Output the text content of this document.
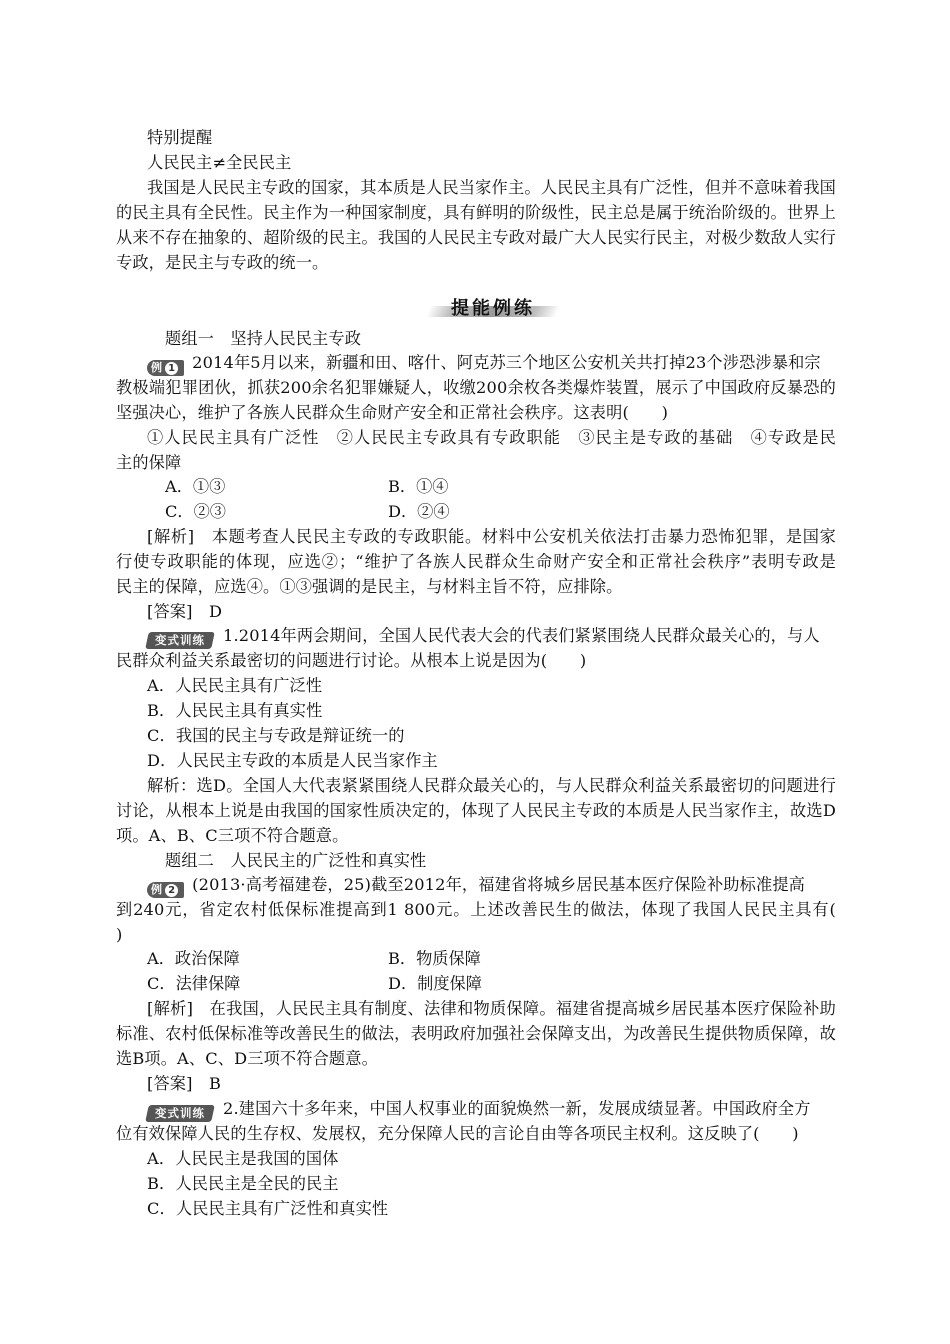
特别提醒
人民民主≠全民民主
我国是人民民主专政的国家，其本质是人民当家作主。人民民主具有广泛性，但并不意味着我国
的民主具有全民性。民主作为一种国家制度，具有鲜明的阶级性，民主总是属于统治阶级的。世界上
从来不存在抽象的、超阶级的民主。我国的人民民主专政对最广大人民实行民主，对极少数敌人实行
专政，是民主与专政的统一。
提能例练
题组一　坚持人民民主专政
例 1 2014年5月以来，新疆和田、喀什、阿克苏三个地区公安机关共打掉23个涉恐涉暴和宗
教极端犯罪团伙，抓获200余名犯罪嫌疑人，收缴200余枚各类爆炸装置，展示了中国政府反暴恐的
坚强决心，维护了各族人民群众生命财产安全和正常社会秩序。这表明(　　)
①人民民主具有广泛性　②人民民主专政具有专政职能　③民主是专政的基础　④专政是民
主的保障
A．①③	B．①④
C．②③	D．②④
[解析]　本题考查人民民主专政的专政职能。材料中公安机关依法打击暴力恐怖犯罪，是国家
行使专政职能的体现，应选②；“维护了各族人民群众生命财产安全和正常社会秩序”表明专政是
民主的保障，应选④。①③强调的是民主，与材料主旨不符，应排除。
[答案]　D
变式训练 1.2014年两会期间，全国人民代表大会的代表们紧紧围绕人民群众最关心的，与人
民群众利益关系最密切的问题进行讨论。从根本上说是因为(　　)
A．人民民主具有广泛性
B．人民民主具有真实性
C．我国的民主与专政是辩证统一的
D．人民民主专政的本质是人民当家作主
解析：选D。全国人大代表紧紧围绕人民群众最关心的，与人民群众利益关系最密切的问题进行
讨论，从根本上说是由我国的国家性质决定的，体现了人民民主专政的本质是人民当家作主，故选D
项。A、B、C三项不符合题意。
题组二　人民民主的广泛性和真实性
例 2 (2013·高考福建卷，25)截至2012年，福建省将城乡居民基本医疗保险补助标准提高
到240元，省定农村低保标准提高到1 800元。上述改善民生的做法，体现了我国人民民主具有(
)
A．政治保障	B．物质保障
C．法律保障	D．制度保障
[解析]　在我国，人民民主具有制度、法律和物质保障。福建省提高城乡居民基本医疗保险补助
标准、农村低保标准等改善民生的做法，表明政府加强社会保障支出，为改善民生提供物质保障，故
选B项。A、C、D三项不符合题意。
[答案]　B
变式训练 2.建国六十多年来，中国人权事业的面貌焕然一新，发展成绩显著。中国政府全方
位有效保障人民的生存权、发展权，充分保障人民的言论自由等各项民主权利。这反映了(　　)
A．人民民主是我国的国体
B．人民民主是全民的民主
C．人民民主具有广泛性和真实性
